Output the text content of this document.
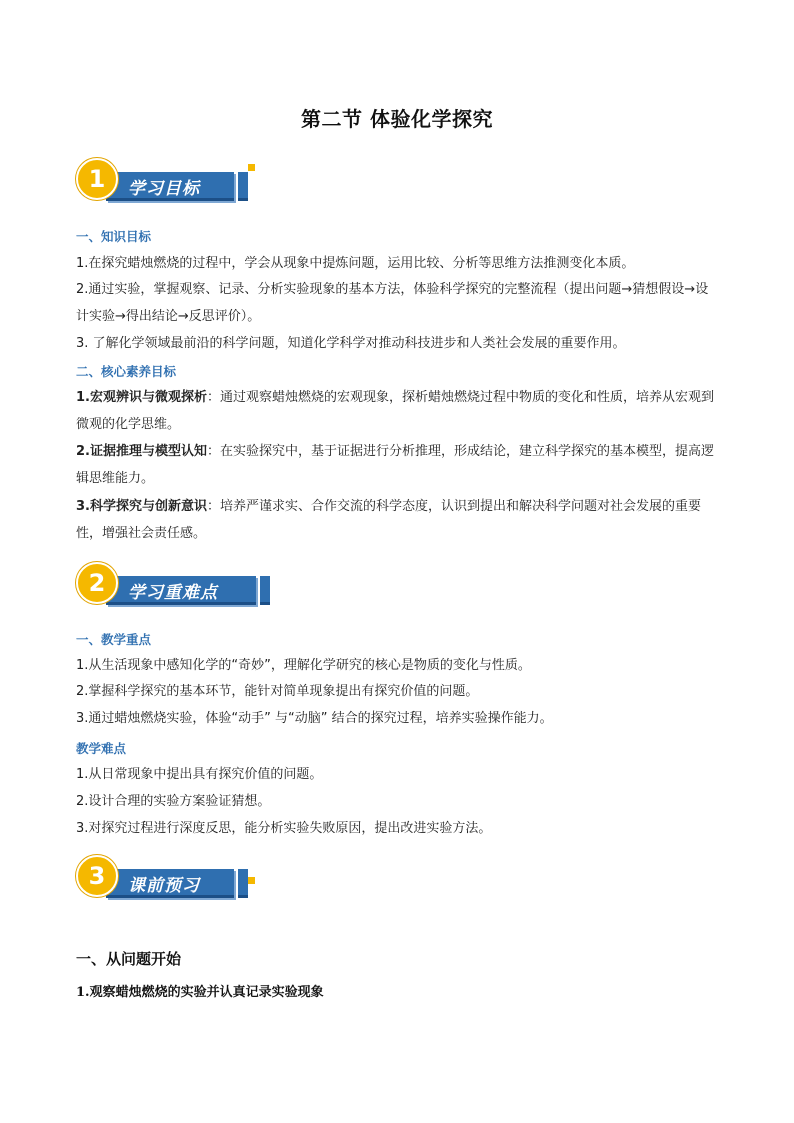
第二节 体验化学探究
1	学习目标
一、知识目标
1.在探究蜡烛燃烧的过程中，学会从现象中提炼问题，运用比较、分析等思维方法推测变化本质。
2.通过实验，掌握观察、记录、分析实验现象的基本方法，体验科学探究的完整流程（提出问题→猜想假设→设计实验→得出结论→反思评价）。
3. 了解化学领域最前沿的科学问题，知道化学科学对推动科技进步和人类社会发展的重要作用。
二、核心素养目标
1.宏观辨识与微观探析：通过观察蜡烛燃烧的宏观现象，探析蜡烛燃烧过程中物质的变化和性质，培养从宏观到微观的化学思维。
2.证据推理与模型认知：在实验探究中，基于证据进行分析推理，形成结论，建立科学探究的基本模型，提高逻辑思维能力。
3.科学探究与创新意识：培养严谨求实、合作交流的科学态度，认识到提出和解决科学问题对社会发展的重要性，增强社会责任感。
2	学习重难点
一、教学重点
1.从生活现象中感知化学的“奇妙”，理解化学研究的核心是物质的变化与性质。
2.掌握科学探究的基本环节，能针对简单现象提出有探究价值的问题。
3.通过蜡烛燃烧实验，体验“动手” 与“动脑” 结合的探究过程，培养实验操作能力。
教学难点
1.从日常现象中提出具有探究价值的问题。
2.设计合理的实验方案验证猜想。
3.对探究过程进行深度反思，能分析实验失败原因，提出改进实验方法。
3	课前预习
一、从问题开始
1.观察蜡烛燃烧的实验并认真记录实验现象
